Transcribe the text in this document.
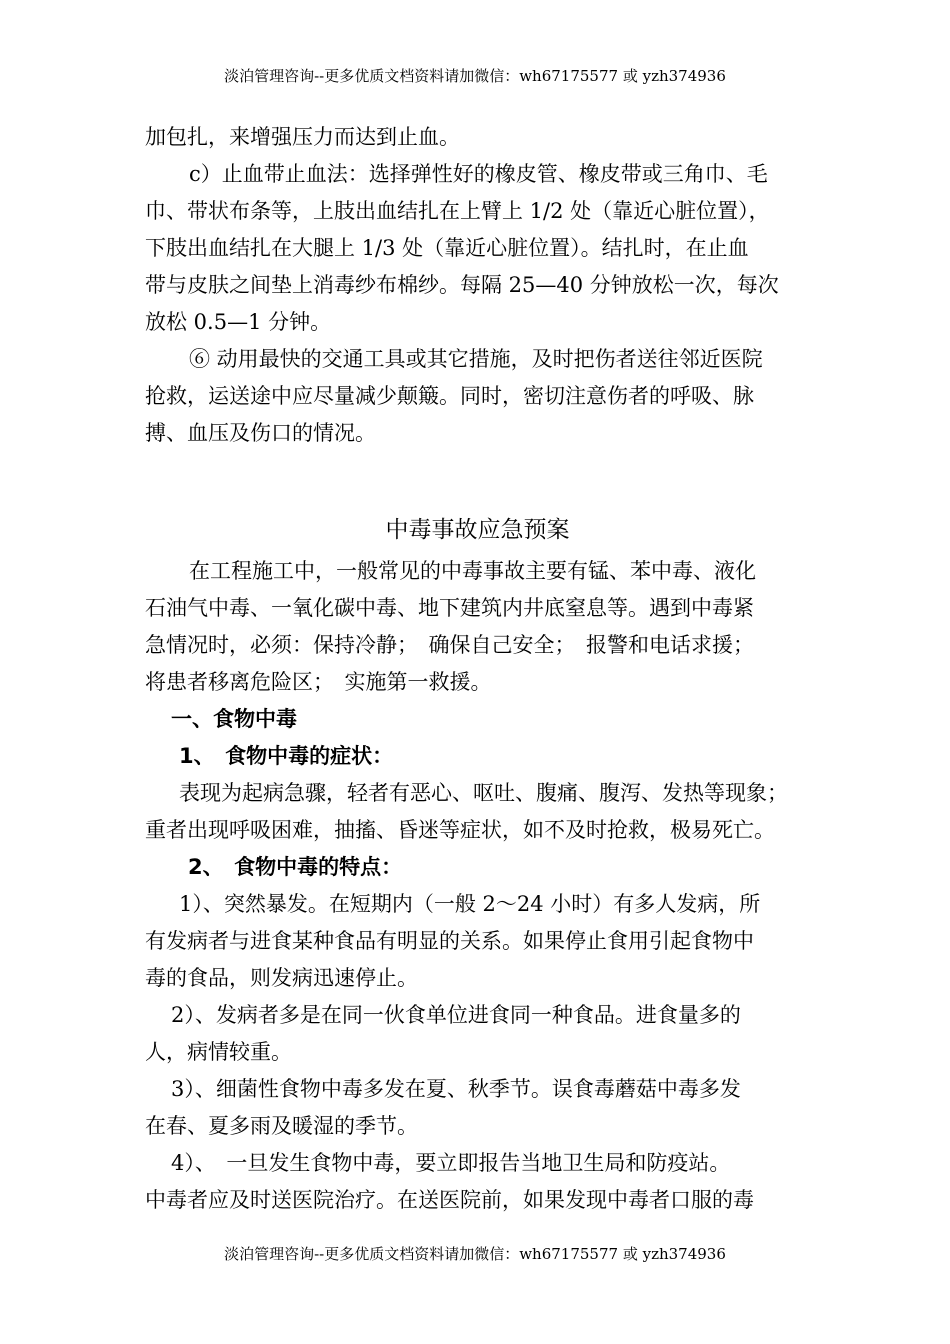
淡泊管理咨询--更多优质文档资料请加微信：wh67175577 或 yzh374936
加包扎，来增强压力而达到止血。
c）止血带止血法：选择弹性好的橡皮管、橡皮带或三角巾、毛
巾、带状布条等，上肢出血结扎在上臂上 1/2 处（靠近心脏位置），
下肢出血结扎在大腿上 1/3 处（靠近心脏位置）。结扎时，在止血
带与皮肤之间垫上消毒纱布棉纱。每隔 25—40 分钟放松一次，每次
放松 0.5—1 分钟。
⑥ 动用最快的交通工具或其它措施，及时把伤者送往邻近医院
抢救，运送途中应尽量减少颠簸。同时，密切注意伤者的呼吸、脉
搏、血压及伤口的情况。
中毒事故应急预案
在工程施工中，一般常见的中毒事故主要有锰、苯中毒、液化
石油气中毒、一氧化碳中毒、地下建筑内井底窒息等。遇到中毒紧
急情况时，必须：保持冷静；　确保自己安全；　报警和电话求援；
将患者移离危险区；　实施第一救援。
一、食物中毒
1、　食物中毒的症状：
表现为起病急骤，轻者有恶心、呕吐、腹痛、腹泻、发热等现象；
重者出现呼吸困难，抽搐、昏迷等症状，如不及时抢救，极易死亡。
2、　食物中毒的特点：
1）、突然暴发。在短期内（一般 2～24 小时）有多人发病，所
有发病者与进食某种食品有明显的关系。如果停止食用引起食物中
毒的食品，则发病迅速停止。
2）、发病者多是在同一伙食单位进食同一种食品。进食量多的
人，病情较重。
3）、细菌性食物中毒多发在夏、秋季节。误食毒蘑菇中毒多发
在春、夏多雨及暖湿的季节。
4）、　一旦发生食物中毒，要立即报告当地卫生局和防疫站。
中毒者应及时送医院治疗。在送医院前，如果发现中毒者口服的毒
淡泊管理咨询--更多优质文档资料请加微信：wh67175577 或 yzh374936
